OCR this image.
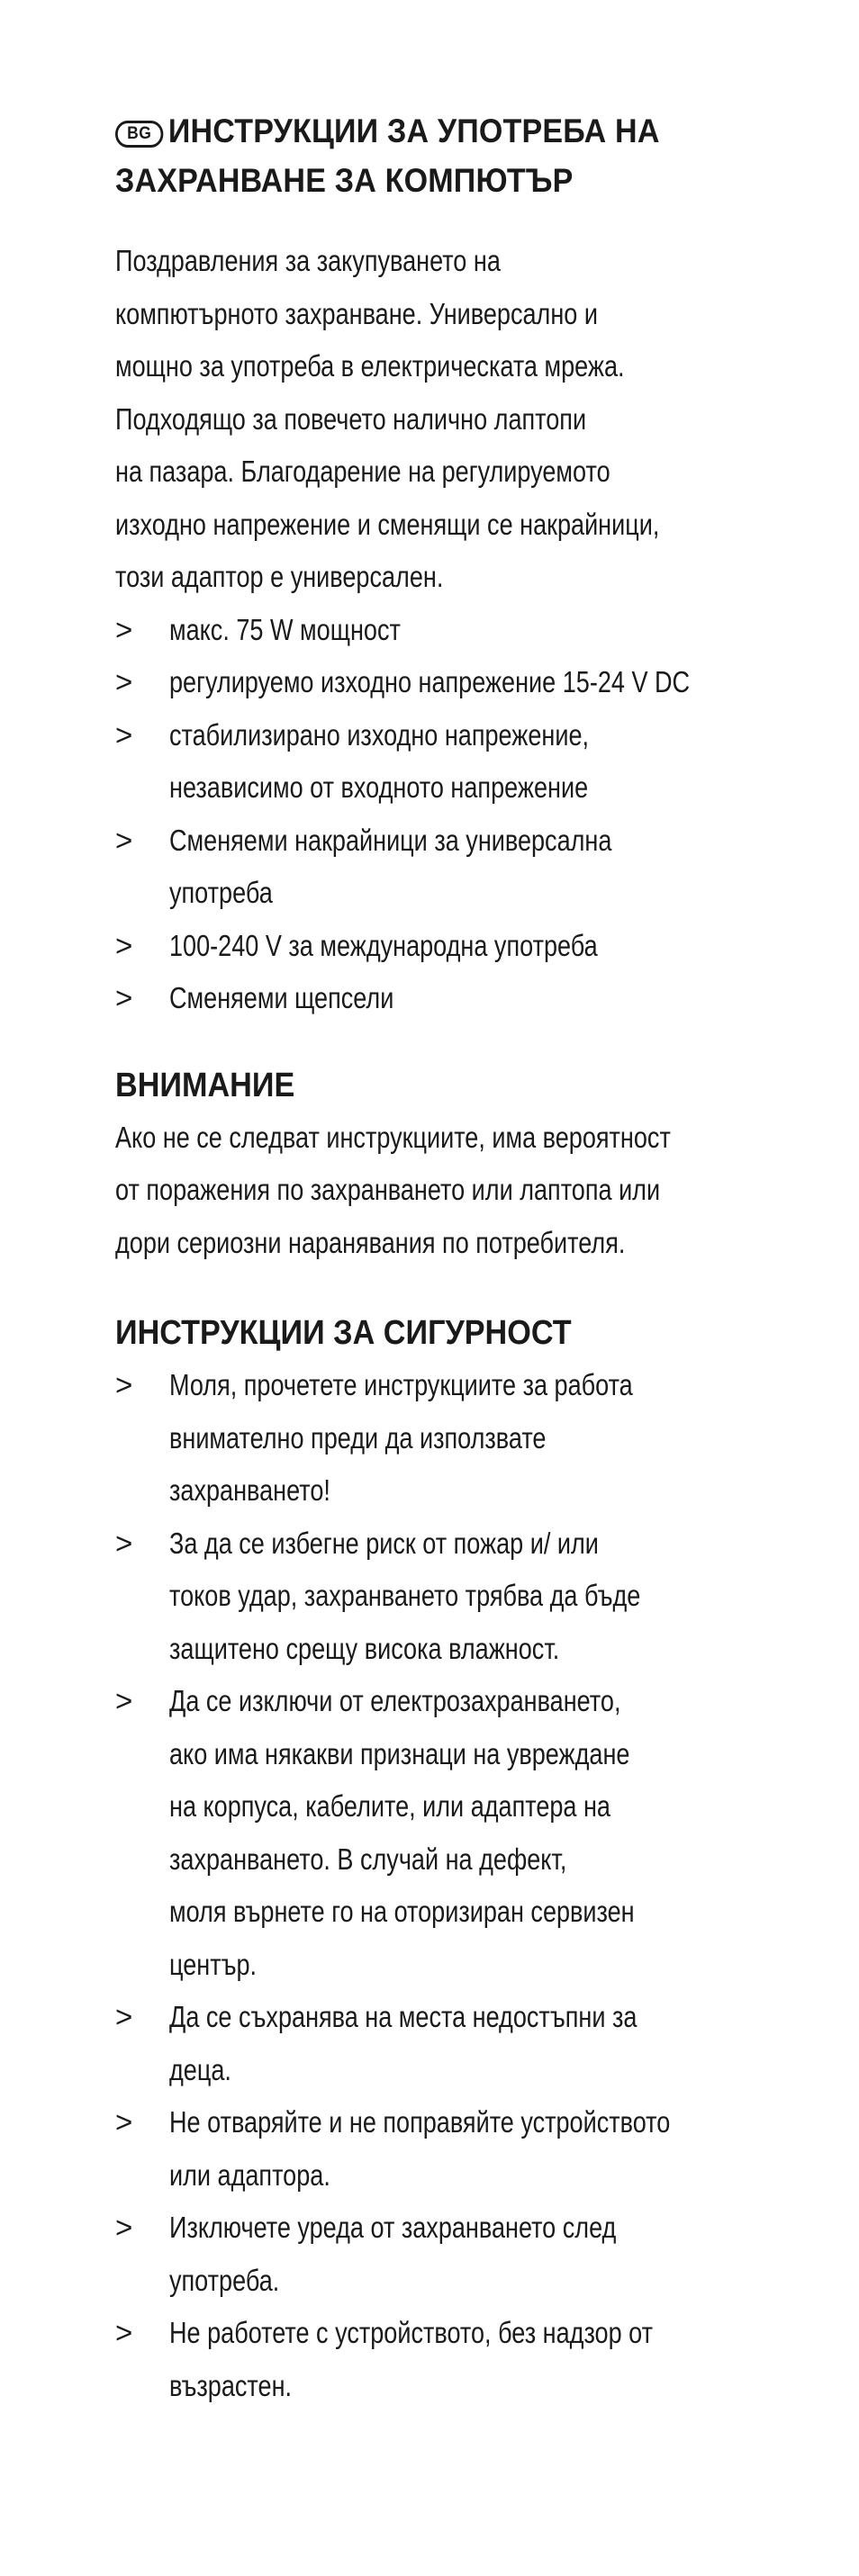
BG ИНСТРУКЦИИ ЗА УПОТРЕБА НА
ЗАХРАНВАНЕ ЗА КОМПЮТЪР

Поздравления за закупуването на
компютърното захранване. Универсално и
мощно за употреба в електрическата мрежа.
Подходящо за повечето налично лаптопи
на пазара. Благодарение на регулируемото
изходно напрежение и сменящи се накрайници,
този адаптор е универсален.

> макс. 75 W мощност
> регулируемо изходно напрежение 15-24 V DC
> стабилизирано изходно напрежение,
независимо от входното напрежение
> Сменяеми накрайници за универсална
употреба
> 100-240 V за международна употреба
> Сменяеми щепсели
ВНИМАНИЕ

Ако не се следват инструкциите, има вероятност
от поражения по захранването или лаптопа или
дори сериозни наранявания по потребителя.

ИНСТРУКЦИИ ЗА СИГУРНОСТ
> Моля, прочетете инструкциите за работа
внимателно преди да използвате
захранването!
> За да се избегне риск от пожар и/ или
токов удар, захранването трябва да бъде
защитено срещу висока влажност.
> Да се изключи от електрозахранването,
ако има някакви признаци на увреждане
на корпуса, кабелите, или адаптера на
захранването. В случай на дефект,
моля върнете го на оторизиран сервизен
център.
> Да се съхранява на места недостъпни за
деца.
> Не отваряйте и не поправяйте устройството
или адаптора.
> Изключете уреда от захранването след
употреба.
> Не работете с устройството, без надзор от
възрастен.
